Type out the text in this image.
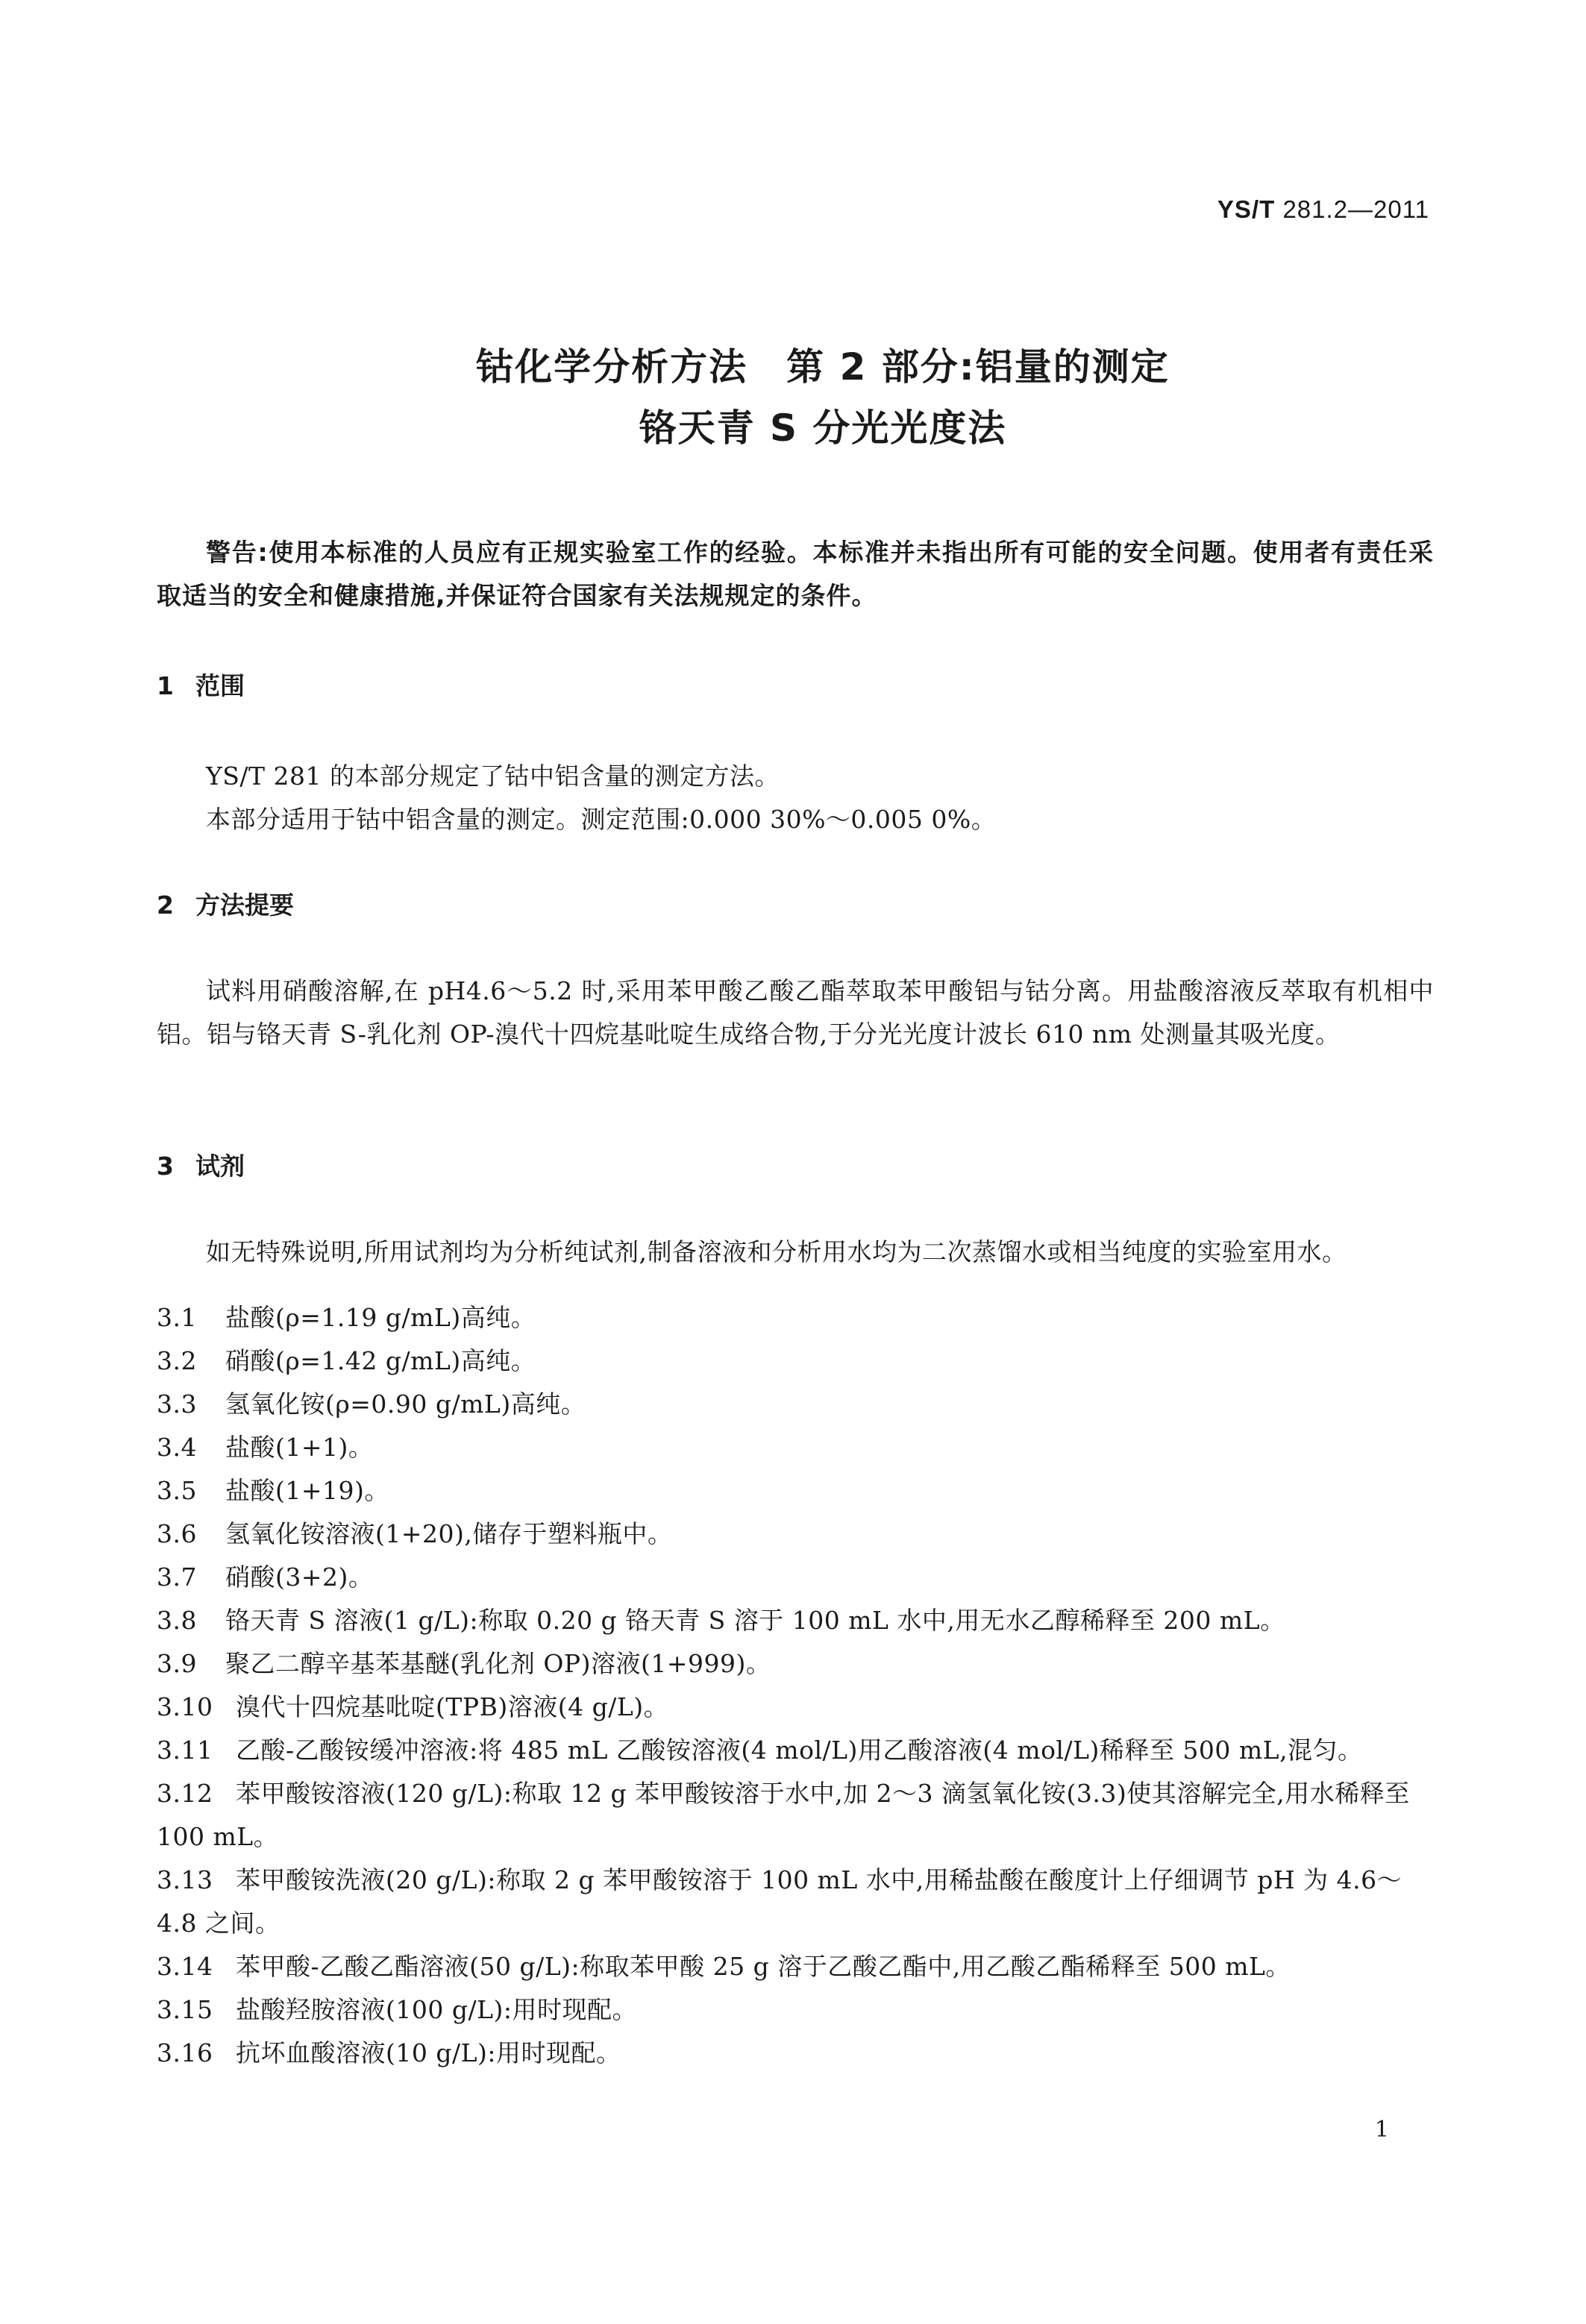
YS/T 281.2—2011
钴化学分析方法　第 2 部分:铝量的测定
铬天青 S 分光光度法
警告:使用本标准的人员应有正规实验室工作的经验。本标准并未指出所有可能的安全问题。使用者有责任采取适当的安全和健康措施,并保证符合国家有关法规规定的条件。
1 范围

YS/T 281 的本部分规定了钴中铝含量的测定方法。

本部分适用于钴中铝含量的测定。测定范围:0.000 30%～0.005 0%。

2 方法提要

试料用硝酸溶解,在 pH4.6～5.2 时,采用苯甲酸乙酸乙酯萃取苯甲酸铝与钴分离。用盐酸溶液反萃取有机相中铝。铝与铬天青 S-乳化剂 OP-溴代十四烷基吡啶生成络合物,于分光光度计波长 610 nm 处测量其吸光度。

3 试剂

如无特殊说明,所用试剂均为分析纯试剂,制备溶液和分析用水均为二次蒸馏水或相当纯度的实验室用水。

3.1 盐酸(ρ=1.19 g/mL)高纯。
3.2 硝酸(ρ=1.42 g/mL)高纯。
3.3 氢氧化铵(ρ=0.90 g/mL)高纯。
3.4 盐酸(1+1)。
3.5 盐酸(1+19)。
3.6 氢氧化铵溶液(1+20),储存于塑料瓶中。
3.7 硝酸(3+2)。
3.8 铬天青 S 溶液(1 g/L):称取 0.20 g 铬天青 S 溶于 100 mL 水中,用无水乙醇稀释至 200 mL。
3.9 聚乙二醇辛基苯基醚(乳化剂 OP)溶液(1+999)。
3.10 溴代十四烷基吡啶(TPB)溶液(4 g/L)。
3.11 乙酸-乙酸铵缓冲溶液:将 485 mL 乙酸铵溶液(4 mol/L)用乙酸溶液(4 mol/L)稀释至 500 mL,混匀。
3.12 苯甲酸铵溶液(120 g/L):称取 12 g 苯甲酸铵溶于水中,加 2～3 滴氢氧化铵(3.3)使其溶解完全,用水稀释至 100 mL。
3.13 苯甲酸铵洗液(20 g/L):称取 2 g 苯甲酸铵溶于 100 mL 水中,用稀盐酸在酸度计上仔细调节 pH 为 4.6～4.8 之间。
3.14 苯甲酸-乙酸乙酯溶液(50 g/L):称取苯甲酸 25 g 溶于乙酸乙酯中,用乙酸乙酯稀释至 500 mL。
3.15 盐酸羟胺溶液(100 g/L):用时现配。
3.16 抗坏血酸溶液(10 g/L):用时现配。
1
